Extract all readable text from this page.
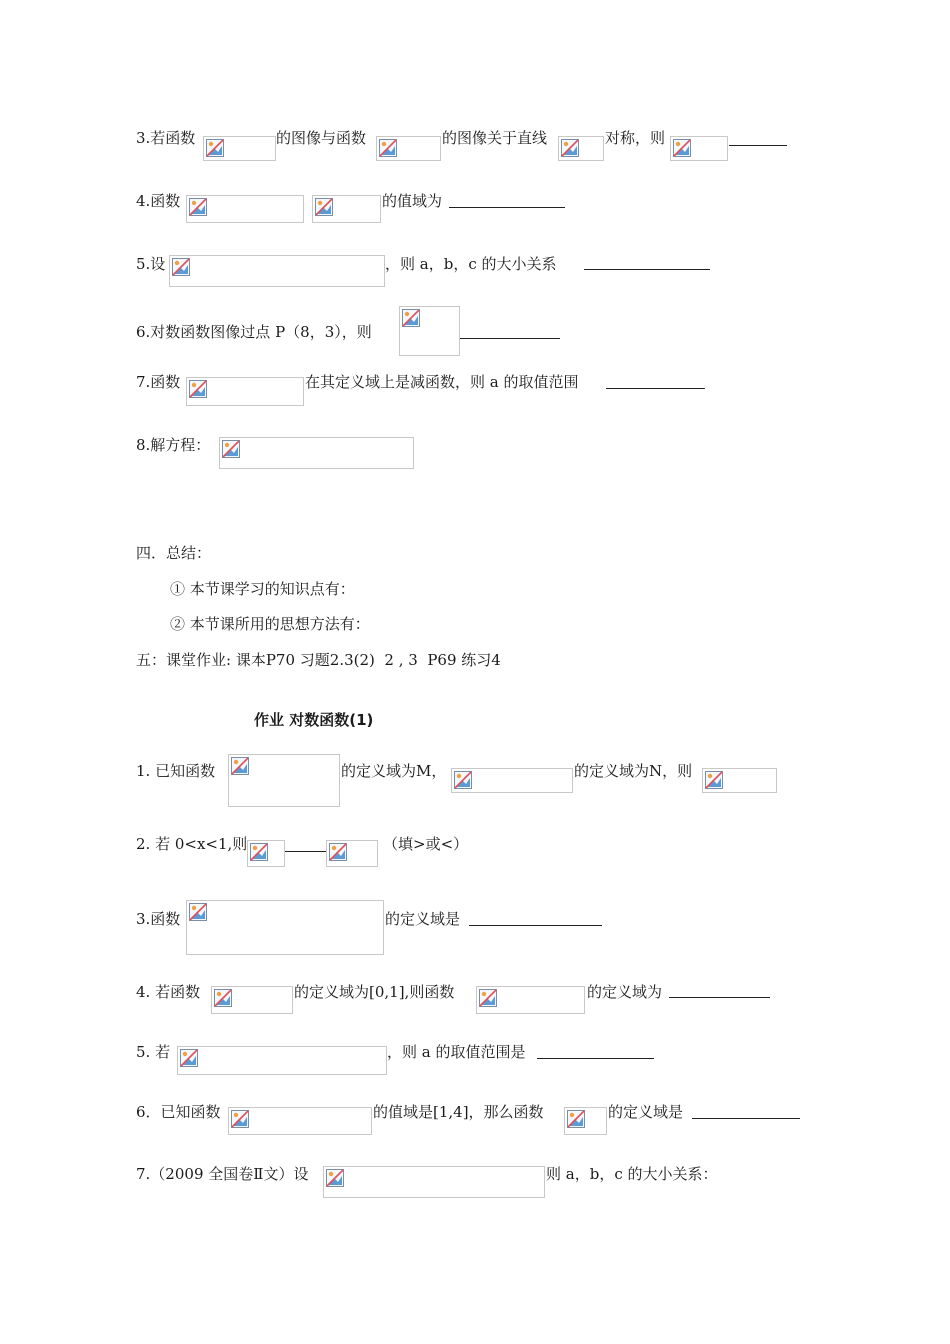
3.若函数	的图像与函数	的图像关于直线	对称，则
4.函数	的值域为
5.设	，则 a，b，c 的大小关系
6.对数函数图像过点 P（8，3），则
7.函数	在其定义域上是减函数，则 a 的取值范围
8.解方程：
四．总结：
① 本节课学习的知识点有：
② 本节课所用的思想方法有：
五：课堂作业: 课本P70 习题2.3(2)  2 , 3  P69 练习4
作业 对数函数(1)
1. 已知函数	的定义域为M，	的定义域为N，则
2. 若 0<x<1,则	（填>或<）
3.函数	的定义域是
4. 若函数	的定义域为[0,1],则函数	的定义域为
5. 若	，则 a 的取值范围是
6．已知函数	的值域是[1,4]，那么函数	的定义域是
7.（2009 全国卷Ⅱ文）设	则 a，b，c 的大小关系：
